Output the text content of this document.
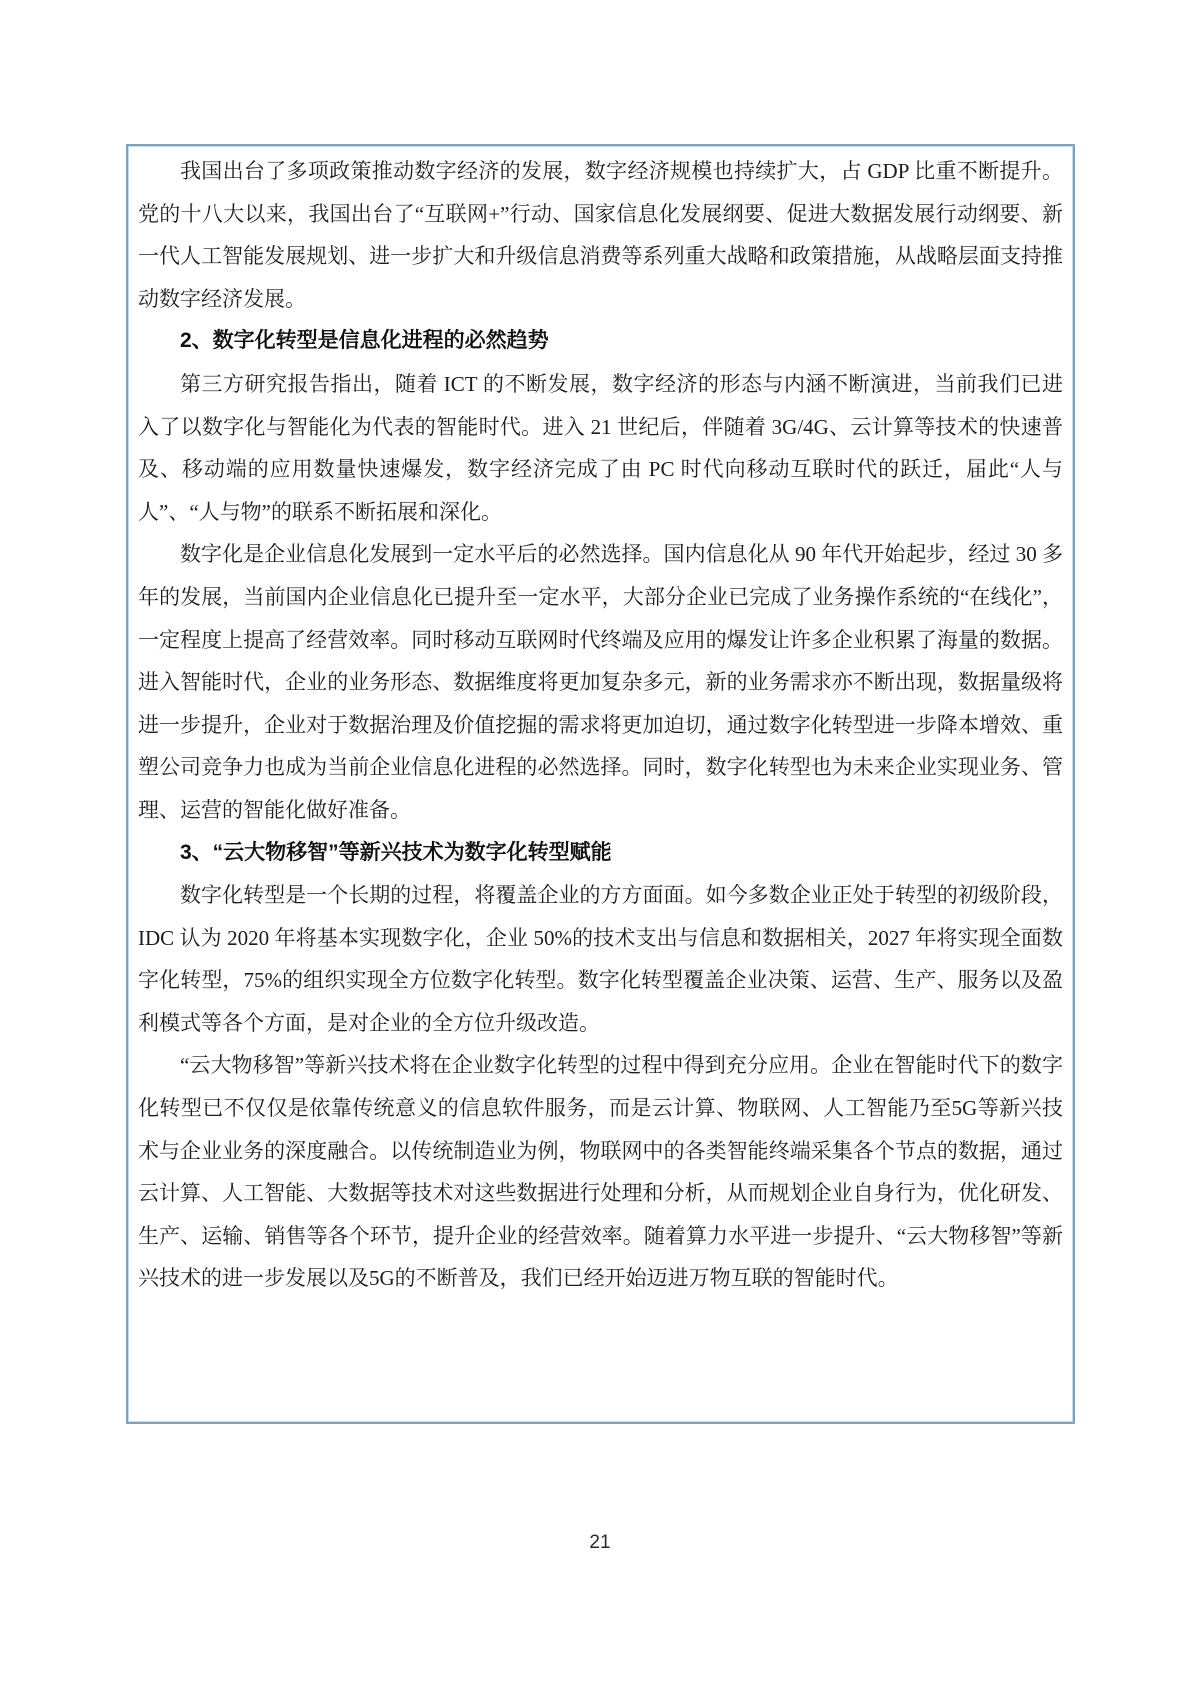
我国出台了多项政策推动数字经济的发展，数字经济规模也持续扩大，占 GDP 比重不断提升。党的十八大以来，我国出台了“互联网+”行动、国家信息化发展纲要、促进大数据发展行动纲要、新一代人工智能发展规划、进一步扩大和升级信息消费等系列重大战略和政策措施，从战略层面支持推动数字经济发展。

2、数字化转型是信息化进程的必然趋势

第三方研究报告指出，随着 ICT 的不断发展，数字经济的形态与内涵不断演进，当前我们已进入了以数字化与智能化为代表的智能时代。进入 21 世纪后，伴随着 3G/4G、云计算等技术的快速普及、移动端的应用数量快速爆发，数字经济完成了由 PC 时代向移动互联时代的跃迁，届此“人与人”、“人与物”的联系不断拓展和深化。

数字化是企业信息化发展到一定水平后的必然选择。国内信息化从 90 年代开始起步，经过 30 多年的发展，当前国内企业信息化已提升至一定水平，大部分企业已完成了业务操作系统的“在线化”，一定程度上提高了经营效率。同时移动互联网时代终端及应用的爆发让许多企业积累了海量的数据。进入智能时代，企业的业务形态、数据维度将更加复杂多元，新的业务需求亦不断出现，数据量级将进一步提升，企业对于数据治理及价值挖掘的需求将更加迫切，通过数字化转型进一步降本增效、重塑公司竞争力也成为当前企业信息化进程的必然选择。同时，数字化转型也为未来企业实现业务、管理、运营的智能化做好准备。

3、“云大物移智”等新兴技术为数字化转型赋能

数字化转型是一个长期的过程，将覆盖企业的方方面面。如今多数企业正处于转型的初级阶段，IDC 认为 2020 年将基本实现数字化，企业 50%的技术支出与信息和数据相关，2027 年将实现全面数字化转型，75%的组织实现全方位数字化转型。数字化转型覆盖企业决策、运营、生产、服务以及盈利模式等各个方面，是对企业的全方位升级改造。

“云大物移智”等新兴技术将在企业数字化转型的过程中得到充分应用。企业在智能时代下的数字化转型已不仅仅是依靠传统意义的信息软件服务，而是云计算、物联网、人工智能乃至5G等新兴技术与企业业务的深度融合。以传统制造业为例，物联网中的各类智能终端采集各个节点的数据，通过云计算、人工智能、大数据等技术对这些数据进行处理和分析，从而规划企业自身行为，优化研发、生产、运输、销售等各个环节，提升企业的经营效率。随着算力水平进一步提升、“云大物移智”等新兴技术的进一步发展以及5G的不断普及，我们已经开始迈进万物互联的智能时代。

21
